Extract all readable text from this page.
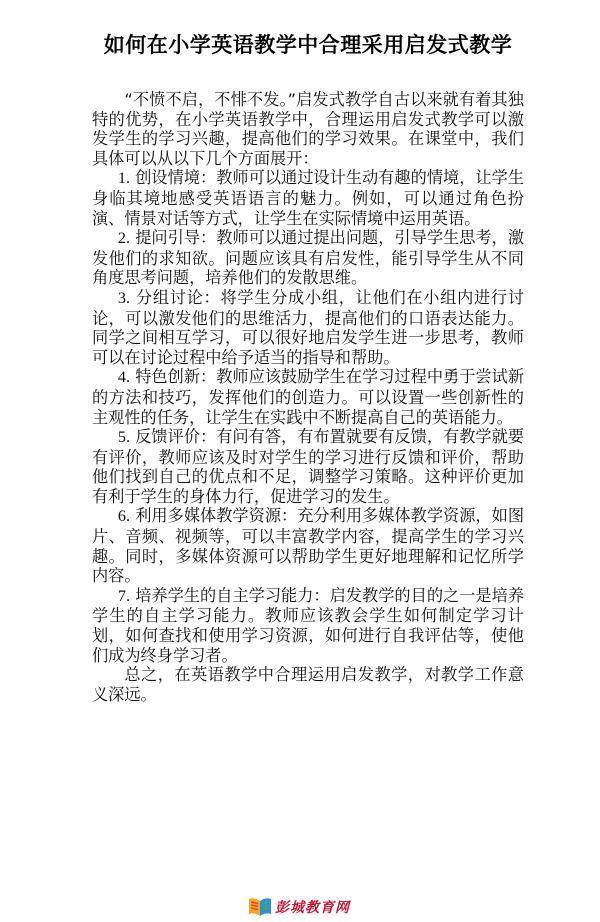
如何在小学英语教学中合理采用启发式教学

“不愤不启，不悱不发。”启发式教学自古以来就有着其独特的优势，在小学英语教学中，合理运用启发式教学可以激发学生的学习兴趣，提高他们的学习效果。在课堂中，我们具体可以从以下几个方面展开：

1. 创设情境：教师可以通过设计生动有趣的情境，让学生身临其境地感受英语语言的魅力。例如，可以通过角色扮演、情景对话等方式，让学生在实际情境中运用英语。

2. 提问引导：教师可以通过提出问题，引导学生思考，激发他们的求知欲。问题应该具有启发性，能引导学生从不同角度思考问题，培养他们的发散思维。

3. 分组讨论：将学生分成小组，让他们在小组内进行讨论，可以激发他们的思维活力，提高他们的口语表达能力。同学之间相互学习，可以很好地启发学生进一步思考，教师可以在讨论过程中给予适当的指导和帮助。

4. 特色创新：教师应该鼓励学生在学习过程中勇于尝试新的方法和技巧，发挥他们的创造力。可以设置一些创新性的主观性的任务，让学生在实践中不断提高自己的英语能力。

5. 反馈评价：有问有答，有布置就要有反馈，有教学就要有评价，教师应该及时对学生的学习进行反馈和评价，帮助他们找到自己的优点和不足，调整学习策略。这种评价更加有利于学生的身体力行，促进学习的发生。

6. 利用多媒体教学资源：充分利用多媒体教学资源，如图片、音频、视频等，可以丰富教学内容，提高学生的学习兴趣。同时，多媒体资源可以帮助学生更好地理解和记忆所学内容。

7. 培养学生的自主学习能力：启发教学的目的之一是培养学生的自主学习能力。教师应该教会学生如何制定学习计划，如何查找和使用学习资源，如何进行自我评估等，使他们成为终身学习者。

总之，在英语教学中合理运用启发教学，对教学工作意义深远。

彭城教育网
